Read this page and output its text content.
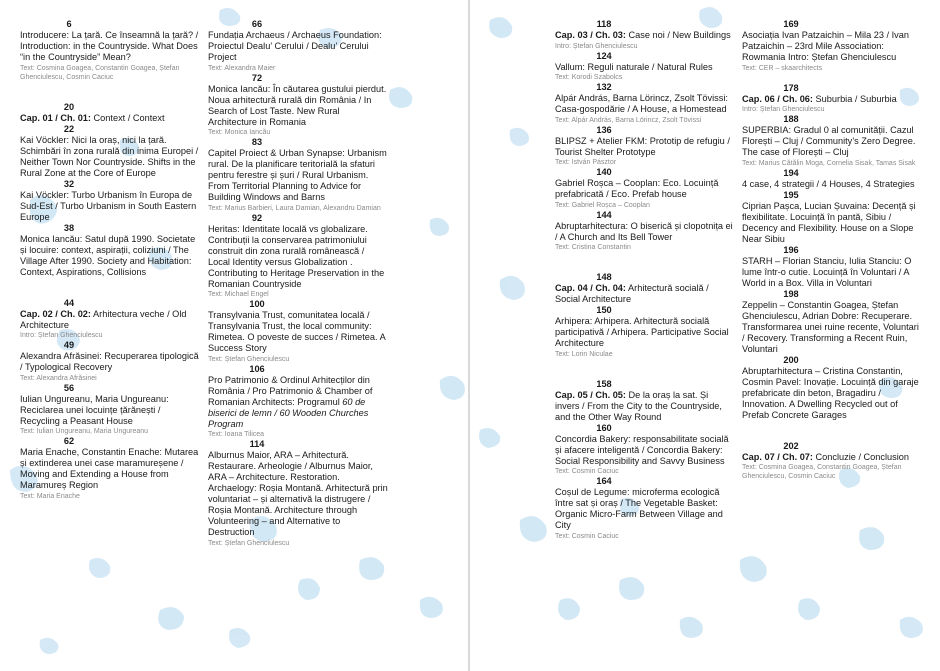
6
Introducere: La țară. Ce înseamnă la țară? / Introduction: in the Countryside. What Does “in the Countryside” Mean?
Text: Cosmina Goagea, Constantin Goagea, Ștefan Ghenciulescu, Cosmin Caciuc
20
Cap. 01 / Ch. 01: Context / Context
22
Kai Vöckler: Nici la oraș, nici la țară. Schimbări în zona rurală din inima Europei / Neither Town Nor Countryside. Shifts in the Rural Zone at the Core of Europe
32
Kai Vöckler: Turbo Urbanism în Europa de Sud-Est / Turbo Urbanism in South Eastern Europe
38
Monica Iancău: Satul după 1990. Societate și locuire: context, aspirații, coliziuni / The Village After 1990. Society and Habitation: Context, Aspirations, Collisions
44
Cap. 02 / Ch. 02: Arhitectura veche / Old Architecture
Intro: Ștefan Ghenciulescu
49
Alexandra Afrăsinei: Recuperarea tipologică / Typological Recovery
Text: Alexandra Afrăsinei
56
Iulian Ungureanu, Maria Ungureanu: Reciclarea unei locuințe țărănești / Recycling a Peasant House
Text: Iulian Ungureanu, Maria Ungureanu
62
Maria Enache, Constantin Enache: Mutarea și extinderea unei case maramureșene / Moving and Extending a House from Maramureș Region
Text: Maria Enache
66
Fundația Archaeus / Archaeus Foundation: Proiectul Dealu’ Cerului / Dealu’ Cerului Project
Text: Alexandra Maier
72
Monica Iancău: În căutarea gustului pierdut. Noua arhitectură rurală din România / In Search of Lost Taste. New Rural Architecture in Romania
Text: Monica Iancău
83
Capitel Proiect & Urban Synapse: Urbanism rural. De la planificare teritorială la sfaturi pentru ferestre și șuri / Rural Urbanism. From Territorial Planning to Advice for Building Windows and Barns
Text: Marius Barbieri, Laura Damian, Alexandru Damian
92
Heritas: Identitate locală vs globalizare. Contribuții la conservarea patrimoniului construit din zona rurală românească / Local Identity versus Globalization . Contributing to Heritage Preservation in the Romanian Countryside
Text: Michael Engel
100
Transylvania Trust, comunitatea locală / Transylvania Trust, the local community: Rimetea. O poveste de succes / Rimetea. A Success Story
Text: Ștefan Ghenciulescu
106
Pro Patrimonio & Ordinul Arhitecților din România / Pro Patrimonio & Chamber of Romanian Architects: Programul 60 de biserici de lemn / 60 Wooden Churches Program
Text: Ioana Tilicea
114
Alburnus Maior, ARA – Arhitectură. Restaurare. Arheologie / Alburnus Maior, ARA – Architecture. Restoration. Archaelogy: Roșia Montană. Arhitectură prin voluntariat – și alternativă la distrugere / Roșia Montană. Architecture through Volunteering – and Alternative to Destruction
Text: Ștefan Ghenciulescu
118
Cap. 03 / Ch. 03: Case noi / New Buildings
Intro: Ștefan Ghenciulescu
124
Vallum: Reguli naturale / Natural Rules
Text: Korodi Szabolcs
132
Alpár András, Barna Lörincz, Zsolt Tövissi: Casa-gospodărie / A House, a Homestead
Text: Alpár András, Barna Lörincz, Zsolt Tövissi
136
BLIPSZ + Atelier FKM: Prototip de refugiu / Tourist Shelter Prototype
Text: István Pásztor
140
Gabriel Roșca – Cooplan: Eco. Locuință prefabricată / Eco. Prefab house
Text: Gabriel Roșca – Cooplan
144
Abruptarhitectura: O biserică și clopotnița ei / A Church and Its Bell Tower
Text: Cristina Constantin
148
Cap. 04 / Ch. 04: Arhitectură socială / Social Architecture
150
Arhipera: Arhipera. Arhitectură socială participativă / Arhipera. Participative Social Architecture
Text: Lorin Niculae
158
Cap. 05 / Ch. 05: De la oraș la sat. Și invers / From the City to the Countryside, and the Other Way Round
160
Concordia Bakery: responsabilitate socială și afacere inteligentă / Concordia Bakery: Social Responsibility and Savvy Business
Text: Cosmin Caciuc
164
Coșul de Legume: microferma ecologică între sat și oraș / The Vegetable Basket: Organic Micro-Farm Between Village and City
Text: Cosmin Caciuc
169
Asociația Ivan Patzaichin – Mila 23 / Ivan Patzaichin – 23rd Mile Association: Rowmania Intro: Ștefan Ghenciulescu
Text: CER – skaarchitects
178
Cap. 06 / Ch. 06: Suburbia / Suburbia
Intro: Ștefan Ghenciulescu
188
SUPERBIA: Gradul 0 al comunității. Cazul Florești – Cluj / Community’s Zero Degree. The case of Florești – Cluj
Text: Marius Cătălin Moga, Cornelia Sisak, Tamas Sisak
194
4 case, 4 strategii / 4 Houses, 4 Strategies
195
Ciprian Pașca, Lucian Șuvaina: Decență și flexibilitate. Locuință în pantă, Sibiu / Decency and Flexibility. House on a Slope Near Sibiu
196
STARH – Florian Stanciu, Iulia Stanciu: O lume într-o cutie. Locuință în Voluntari / A World in a Box. Villa in Voluntari
198
Zeppelin – Constantin Goagea, Ștefan Ghenciulescu, Adrian Dobre: Recuperare. Transformarea unei ruine recente, Voluntari / Recovery. Transforming a Recent Ruin, Voluntari
200
Abruptarhitectura – Cristina Constantin, Cosmin Pavel: Inovație. Locuință din garaje prefabricate din beton, Bragadiru / Innovation. A Dwelling Recycled out of Prefab Concrete Garages
202
Cap. 07 / Ch. 07: Concluzie / Conclusion
Text: Cosmina Goagea, Constantin Goagea, Ștefan Ghenciulescu, Cosmin Caciuc
